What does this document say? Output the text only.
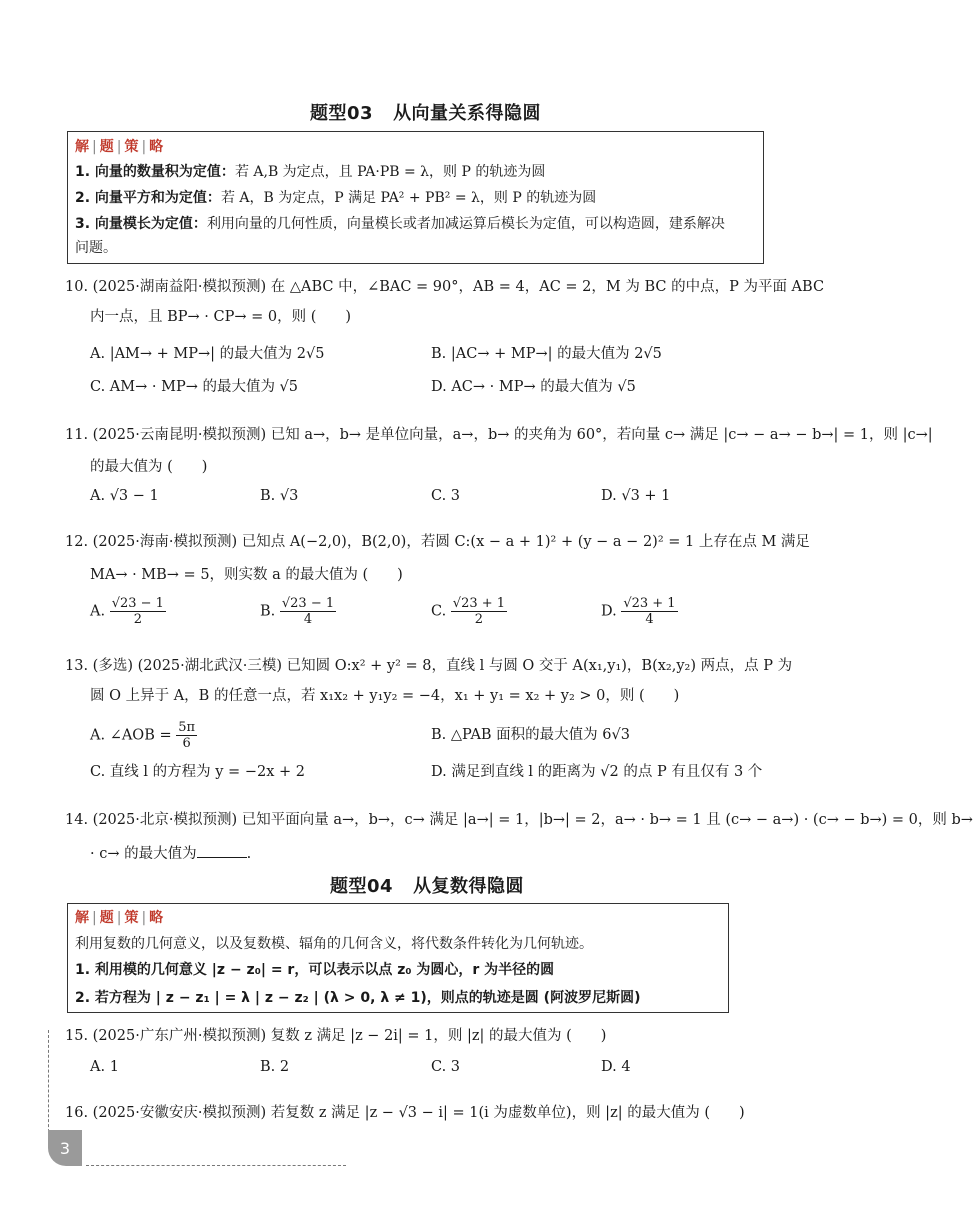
题型03 从向量关系得隐圆
解 | 题 | 策 | 略
1. 向量的数量积为定值：若 A,B 为定点，且 PA·PB = λ，则 P 的轨迹为圆
2. 向量平方和为定值：若 A，B 为定点，P 满足 PA² + PB² = λ，则 P 的轨迹为圆
3. 向量模长为定值：利用向量的几何性质，向量模长或者加减运算后模长为定值，可以构造圆，建系解决
问题。
10. (2025·湖南益阳·模拟预测) 在 △ABC 中，∠BAC = 90°，AB = 4，AC = 2，M 为 BC 的中点，P 为平面 ABC
内一点，且 BP→ · CP→ = 0，则 (　　)
A. |AM→ + MP→| 的最大值为 2√5	B. |AC→ + MP→| 的最大值为 2√5
C. AM→ · MP→ 的最大值为 √5	D. AC→ · MP→ 的最大值为 √5
11. (2025·云南昆明·模拟预测) 已知 a→，b→ 是单位向量，a→，b→ 的夹角为 60°，若向量 c→ 满足 |c→ − a→ − b→| = 1，则 |c→|
的最大值为 (　　)
A. √3 − 1	B. √3	C. 3	D. √3 + 1
12. (2025·海南·模拟预测) 已知点 A(−2,0)，B(2,0)，若圆 C:(x − a + 1)² + (y − a − 2)² = 1 上存在点 M 满足
MA→ · MB→ = 5，则实数 a 的最大值为 (　　)
A. $\frac{√23 - 1}{2}$	B. $\frac{√23 - 1}{4}$	C. $\frac{√23 + 1}{2}$	D. $\frac{√23 + 1}{4}$
13. (多选) (2025·湖北武汉·三模) 已知圆 O:x² + y² = 8，直线 l 与圆 O 交于 A(x₁,y₁)，B(x₂,y₂) 两点，点 P 为
圆 O 上异于 A，B 的任意一点，若 x₁x₂ + y₁y₂ = −4，x₁ + y₁ = x₂ + y₂ > 0，则 (　　)
A. ∠AOB = $\frac{5\pi}{6}$	B. △PAB 面积的最大值为 6√3
C. 直线 l 的方程为 y = −2x + 2	D. 满足到直线 l 的距离为 √2 的点 P 有且仅有 3 个
14. (2025·北京·模拟预测) 已知平面向量 a→，b→，c→ 满足 |a→| = 1，|b→| = 2，a→ · b→ = 1 且 (c→ − a→) · (c→ − b→) = 0，则 b→
· c→ 的最大值为	.
题型04 从复数得隐圆
解 | 题 | 策 | 略
利用复数的几何意义，以及复数模、辐角的几何含义，将代数条件转化为几何轨迹。
1. 利用模的几何意义 |z − z₀| = r，可以表示以点 z₀ 为圆心，r 为半径的圆
2. 若方程为 | z − z₁ | = λ | z − z₂ | (λ > 0, λ ≠ 1)，则点的轨迹是圆 (阿波罗尼斯圆)
15. (2025·广东广州·模拟预测) 复数 z 满足 |z − 2i| = 1，则 |z| 的最大值为 (　　)
A. 1	B. 2	C. 3	D. 4
16. (2025·安徽安庆·模拟预测) 若复数 z 满足 |z − √3 − i| = 1(i 为虚数单位)，则 |z| 的最大值为 (　　)
3
